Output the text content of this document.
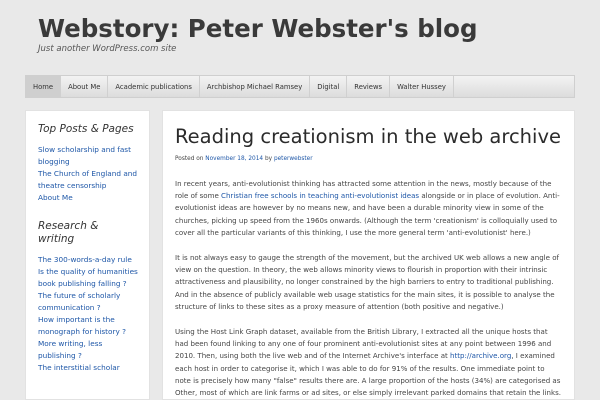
Webstory: Peter Webster's blog
Just another WordPress.com site
Home	About Me	Academic publications	Archbishop Michael Ramsey	Digital	Reviews	Walter Hussey
Top Posts & Pages
Slow scholarship and fast blogging
The Church of England and theatre censorship
About Me
Research & writing
The 300-words-a-day rule
Is the quality of humanities book publishing falling ?
The future of scholarly communication ?
How important is the monograph for history ?
More writing, less publishing ?
The interstitial scholar
Reading creationism in the web archive
Posted on November 18, 2014 by peterwebster

In recent years, anti-evolutionist thinking has attracted some attention in the news, mostly because of the role of some Christian free schools in teaching anti-evolutionist ideas alongside or in place of evolution. Anti-evolutionist ideas are however by no means new, and have been a durable minority view in some of the churches, picking up speed from the 1960s onwards. (Although the term 'creationism' is colloquially used to cover all the particular variants of this thinking, I use the more general term 'anti-evolutionist' here.)

It is not always easy to gauge the strength of the movement, but the archived UK web allows a new angle of view on the question. In theory, the web allows minority views to flourish in proportion with their intrinsic attractiveness and plausibility, no longer constrained by the high barriers to entry to traditional publishing. And in the absence of publicly available web usage statistics for the main sites, it is possible to analyse the structure of links to these sites as a proxy measure of attention (both positive and negative.)

Using the Host Link Graph dataset, available from the British Library, I extracted all the unique hosts that had been found linking to any one of four prominent anti-evolutionist sites at any point between 1996 and 2010. Then, using both the live web and of the Internet Archive's interface at http://archive.org, I examined each host in order to categorise it, which I was able to do for 91% of the results. One immediate point to note is precisely how many "false" results there are. A large proportion of the hosts (34%) are categorised as Other, most of which are link farms or ad sites, or else simply irrelevant parked domains that retain the links.
